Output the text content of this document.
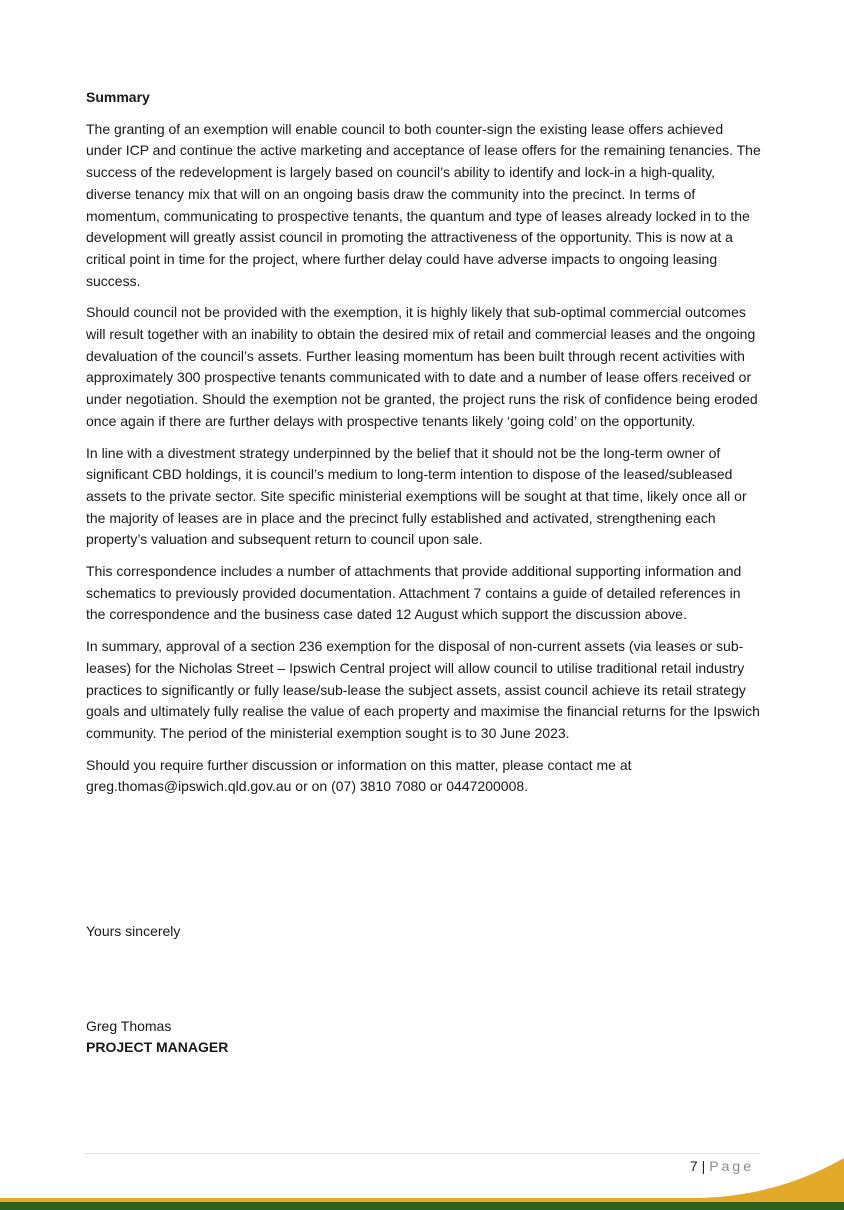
Summary

The granting of an exemption will enable council to both counter-sign the existing lease offers achieved under ICP and continue the active marketing and acceptance of lease offers for the remaining tenancies. The success of the redevelopment is largely based on council’s ability to identify and lock-in a high-quality, diverse tenancy mix that will on an ongoing basis draw the community into the precinct. In terms of momentum, communicating to prospective tenants, the quantum and type of leases already locked in to the development will greatly assist council in promoting the attractiveness of the opportunity. This is now at a critical point in time for the project, where further delay could have adverse impacts to ongoing leasing success.

Should council not be provided with the exemption, it is highly likely that sub-optimal commercial outcomes will result together with an inability to obtain the desired mix of retail and commercial leases and the ongoing devaluation of the council’s assets. Further leasing momentum has been built through recent activities with approximately 300 prospective tenants communicated with to date and a number of lease offers received or under negotiation. Should the exemption not be granted, the project runs the risk of confidence being eroded once again if there are further delays with prospective tenants likely ‘going cold’ on the opportunity.

In line with a divestment strategy underpinned by the belief that it should not be the long-term owner of significant CBD holdings, it is council’s medium to long-term intention to dispose of the leased/subleased assets to the private sector. Site specific ministerial exemptions will be sought at that time, likely once all or the majority of leases are in place and the precinct fully established and activated, strengthening each property’s valuation and subsequent return to council upon sale.

This correspondence includes a number of attachments that provide additional supporting information and schematics to previously provided documentation. Attachment 7 contains a guide of detailed references in the correspondence and the business case dated 12 August which support the discussion above.

In summary, approval of a section 236 exemption for the disposal of non-current assets (via leases or sub-leases) for the Nicholas Street – Ipswich Central project will allow council to utilise traditional retail industry practices to significantly or fully lease/sub-lease the subject assets, assist council achieve its retail strategy goals and ultimately fully realise the value of each property and maximise the financial returns for the Ipswich community. The period of the ministerial exemption sought is to 30 June 2023.

Should you require further discussion or information on this matter, please contact me at greg.thomas@ipswich.qld.gov.au or on (07) 3810 7080 or 0447200008.

Yours sincerely
Greg Thomas
PROJECT MANAGER
7 | Page
